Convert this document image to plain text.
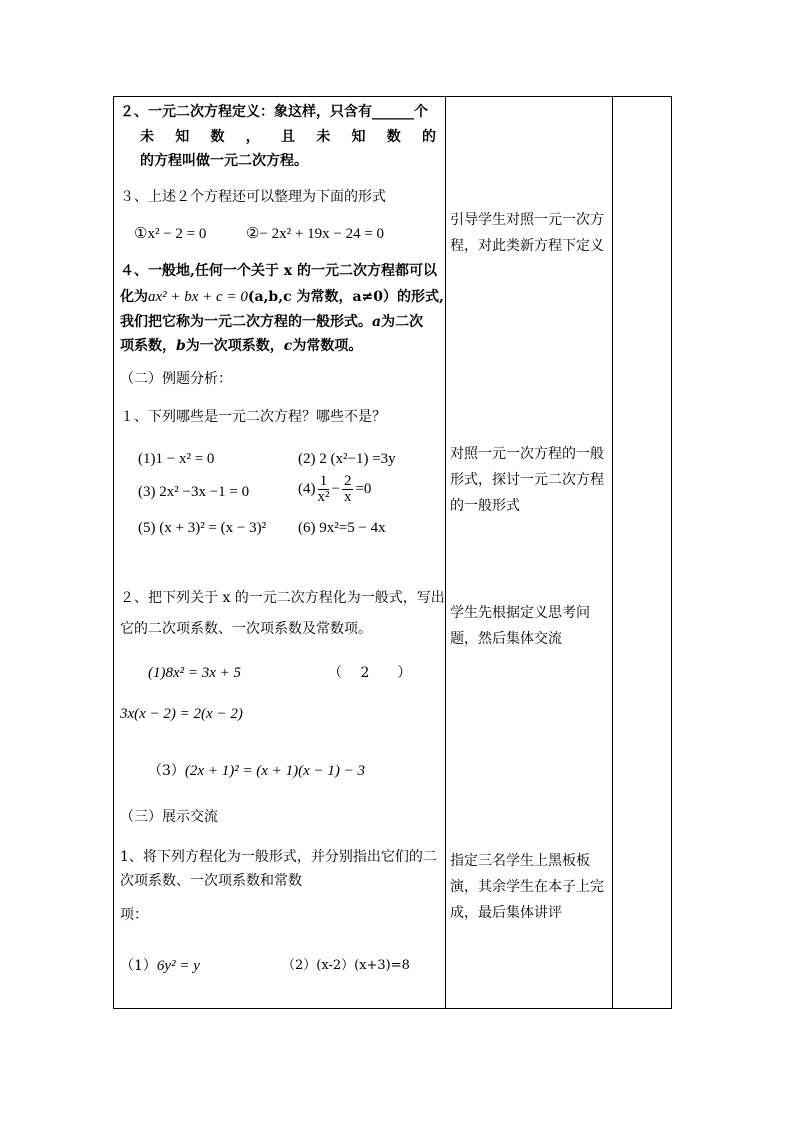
２、一元二次方程定义：象这样，只含有______个
未 知 数 ， 且 未 知 数 的
的方程叫做一元二次方程。
３、上述２个方程还可以整理为下面的形式
①x² − 2 = 0	②− 2x² + 19x − 24 = 0
４、一般地,任何一个关于 x 的一元二次方程都可以
化为ax² + bx + c = 0(a,b,c 为常数，a≠0）的形式,
我们把它称为一元二次方程的一般形式。a为二次
项系数，b为一次项系数，c为常数项。
（二）例题分析：
１、下列哪些是一元二次方程？哪些不是？
(1)1 − x² = 0	(2) 2 (x²−1) =3y
(3) 2x² −3x −1 = 0	$(4) \frac{1}{\text{x²}} - \frac{2}{x} =0$
(5) (x + 3)² = (x − 3)² (6) 9x²=5 − 4x
２、把下列关于 x 的一元二次方程化为一般式，写出
它的二次项系数、一次项系数及常数项。
(1)8x² = 3x + 5	（　 2　　）
3x(x − 2) = 2(x − 2)
（3）(2x + 1)² = (x + 1)(x − 1) − 3
（三）展示交流
1、将下列方程化为一般形式，并分别指出它们的二
次项系数、一次项系数和常数
项：
（1）6y² = y	（2）(x-2）(x+3)=8
引导学生对照一元一次方程，对此类新方程下定义
对照一元一次方程的一般形式，探讨一元二次方程的一般形式
学生先根据定义思考问题，然后集体交流
指定三名学生上黑板板演，其余学生在本子上完成，最后集体讲评
